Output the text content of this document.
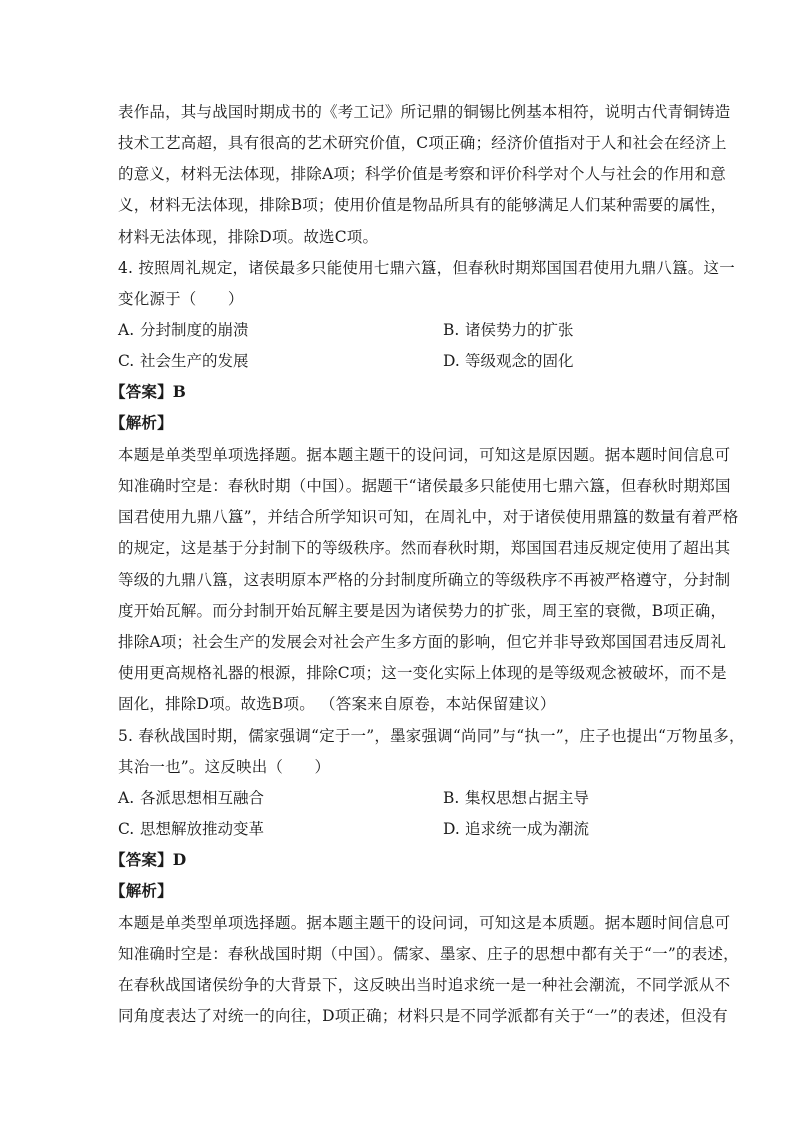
表作品，其与战国时期成书的《考工记》所记鼎的铜锡比例基本相符，说明古代青铜铸造
技术工艺高超，具有很高的艺术研究价值，C项正确；经济价值指对于人和社会在经济上
的意义，材料无法体现，排除A项；科学价值是考察和评价科学对个人与社会的作用和意
义，材料无法体现，排除B项；使用价值是物品所具有的能够满足人们某种需要的属性，
材料无法体现，排除D项。故选C项。
4. 按照周礼规定，诸侯最多只能使用七鼎六簋，但春秋时期郑国国君使用九鼎八簋。这一
变化源于（　　）
A. 分封制度的崩溃	B. 诸侯势力的扩张
C. 社会生产的发展	D. 等级观念的固化
【答案】B
【解析】
本题是单类型单项选择题。据本题主题干的设问词，可知这是原因题。据本题时间信息可
知准确时空是：春秋时期（中国）。据题干“诸侯最多只能使用七鼎六簋，但春秋时期郑国
国君使用九鼎八簋”，并结合所学知识可知，在周礼中，对于诸侯使用鼎簋的数量有着严格
的规定，这是基于分封制下的等级秩序。然而春秋时期，郑国国君违反规定使用了超出其
等级的九鼎八簋，这表明原本严格的分封制度所确立的等级秩序不再被严格遵守，分封制
度开始瓦解。而分封制开始瓦解主要是因为诸侯势力的扩张，周王室的衰微，B项正确，
排除A项；社会生产的发展会对社会产生多方面的影响，但它并非导致郑国国君违反周礼
使用更高规格礼器的根源，排除C项；这一变化实际上体现的是等级观念被破坏，而不是
固化，排除D项。故选B项。 （答案来自原卷，本站保留建议）
5. 春秋战国时期，儒家强调“定于一”，墨家强调“尚同”与“执一”，庄子也提出“万物虽多，
其治一也”。这反映出（　　）
A. 各派思想相互融合	B. 集权思想占据主导
C. 思想解放推动变革	D. 追求统一成为潮流
【答案】D
【解析】
本题是单类型单项选择题。据本题主题干的设问词，可知这是本质题。据本题时间信息可
知准确时空是：春秋战国时期（中国）。儒家、墨家、庄子的思想中都有关于“一”的表述，
在春秋战国诸侯纷争的大背景下，这反映出当时追求统一是一种社会潮流，不同学派从不
同角度表达了对统一的向往，D项正确；材料只是不同学派都有关于“一”的表述，但没有
